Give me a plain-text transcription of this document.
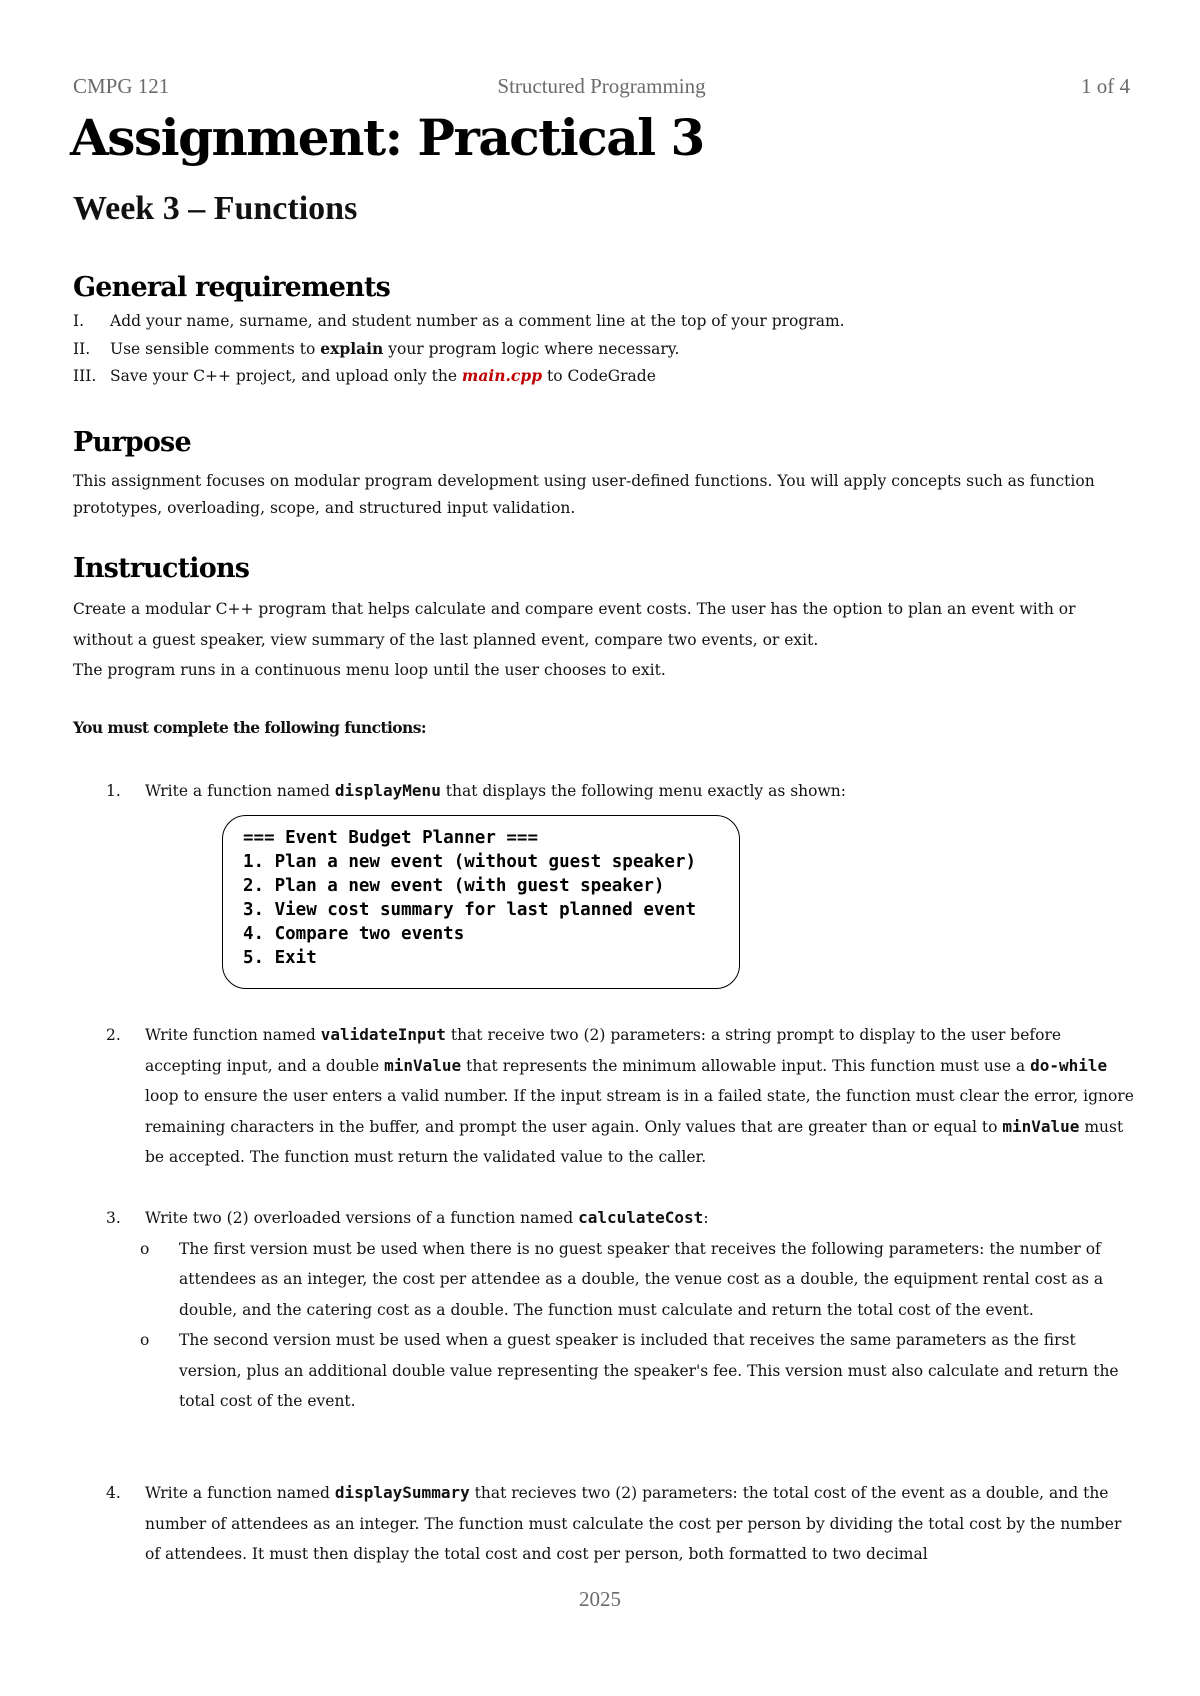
CMPG 121	Structured Programming	1 of 4
Assignment: Practical 3
Week 3 – Functions
General requirements
I. Add your name, surname, and student number as a comment line at the top of your program.
II. Use sensible comments to explain your program logic where necessary.
III. Save your C++ project, and upload only the main.cpp to CodeGrade
Purpose

This assignment focuses on modular program development using user-defined functions. You will apply concepts such as function prototypes, overloading, scope, and structured input validation.

Instructions

Create a modular C++ program that helps calculate and compare event costs. The user has the option to plan an event with or without a guest speaker, view summary of the last planned event, compare two events, or exit.

The program runs in a continuous menu loop until the user chooses to exit.

You must complete the following functions:
1. Write a function named displayMenu that displays the following menu exactly as shown:
=== Event Budget Planner ===
1. Plan a new event (without guest speaker)
2. Plan a new event (with guest speaker)
3. View cost summary for last planned event
4. Compare two events
5. Exit
2. Write function named validateInput that receive two (2) parameters: a string prompt to display to the user before accepting input, and a double minValue that represents the minimum allowable input. This function must use a do-while loop to ensure the user enters a valid number. If the input stream is in a failed state, the function must clear the error, ignore remaining characters in the buffer, and prompt the user again. Only values that are greater than or equal to minValue must be accepted. The function must return the validated value to the caller.
3. Write two (2) overloaded versions of a function named calculateCost:
o The first version must be used when there is no guest speaker that receives the following parameters: the number of attendees as an integer, the cost per attendee as a double, the venue cost as a double, the equipment rental cost as a double, and the catering cost as a double. The function must calculate and return the total cost of the event.
o The second version must be used when a guest speaker is included that receives the same parameters as the first version, plus an additional double value representing the speaker's fee. This version must also calculate and return the total cost of the event.
4. Write a function named displaySummary that recieves two (2) parameters: the total cost of the event as a double, and the number of attendees as an integer. The function must calculate the cost per person by dividing the total cost by the number of attendees. It must then display the total cost and cost per person, both formatted to two decimal
2025
